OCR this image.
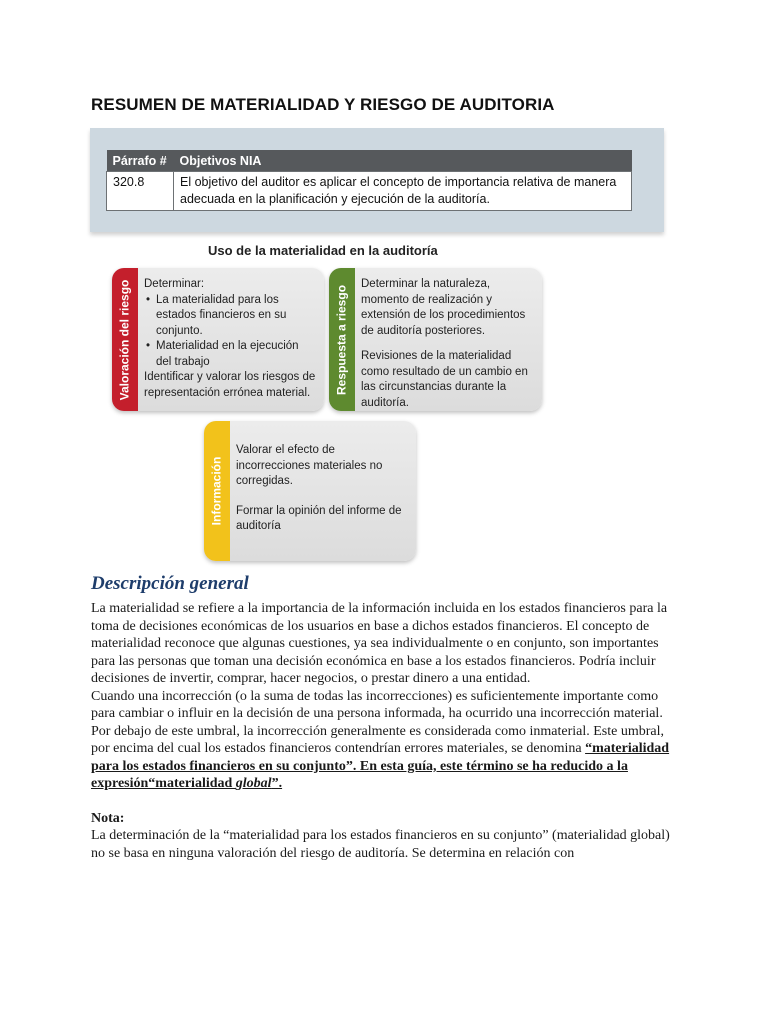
RESUMEN DE MATERIALIDAD Y RIESGO DE AUDITORIA
Párrafo #	Objetivos NIA
320.8	El objetivo del auditor es aplicar el concepto de importancia relativa de manera adecuada en la planificación y ejecución de la auditoría.
Uso de la materialidad en la auditoría
Valoración del riesgo Determinar:

• La materialidad para los estados financieros en su conjunto.
• Materialidad en la ejecución del trabajo

Identificar y valorar los riesgos de representación errónea material.	Respuesta a riesgo

Determinar la naturaleza, momento de realización y extensión de los procedimientos de auditoría posteriores.

Revisiones de la materialidad como resultado de un cambio en las circunstancias durante la auditoría.

Información

Valorar el efecto de incorrecciones materiales no corregidas.

Formar la opinión del informe de auditoría

Descripción general

La materialidad se refiere a la importancia de la información incluida en los estados financieros para la toma de decisiones económicas de los usuarios en base a dichos estados financieros. El concepto de materialidad reconoce que algunas cuestiones, ya sea individualmente o en conjunto, son importantes para las personas que toman una decisión económica en base a los estados financieros. Podría incluir decisiones de invertir, comprar, hacer negocios, o prestar dinero a una entidad.

Cuando una incorrección (o la suma de todas las incorrecciones) es suficientemente importante como para cambiar o influir en la decisión de una persona informada, ha ocurrido una incorrección material.

Por debajo de este umbral, la incorrección generalmente es considerada como inmaterial. Este umbral, por encima del cual los estados financieros contendrían errores materiales, se denomina “materialidad para los estados financieros en su conjunto”. En esta guía, este término se ha reducido a la expresión“materialidad global”.

Nota:

La determinación de la “materialidad para los estados financieros en su conjunto” (materialidad global) no se basa en ninguna valoración del riesgo de auditoría. Se determina en relación con
